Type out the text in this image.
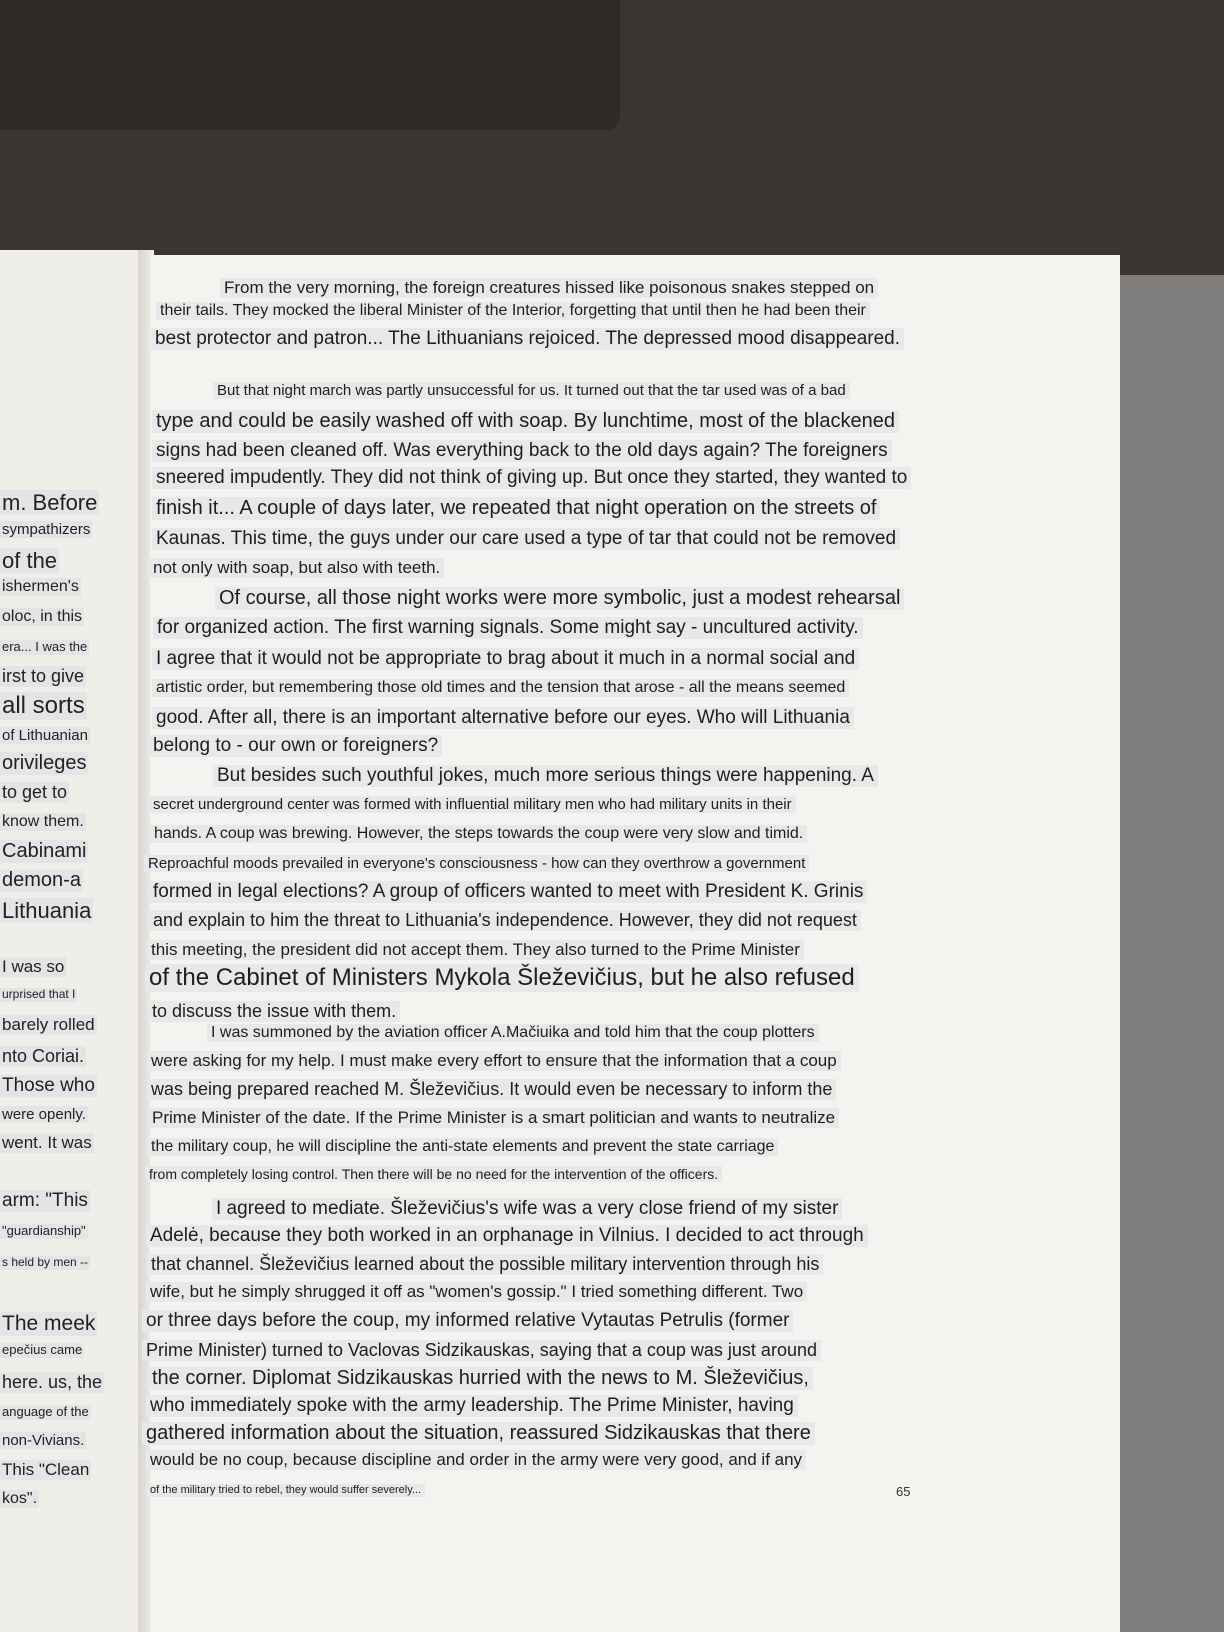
m. Before
sympathizers
of the
ishermen's
oloc, in this
era... I was the
irst to give
all sorts
of Lithuanian
orivileges
to get to
know them.
Cabinami
demon-a
Lithuania
I was so
urprised that I
barely rolled
nto Coriai.
Those who
were openly.
went. It was
arm: "This
"guardianship"
s held by men --
The meek
epečius came
here. us, the
anguage of the
non-Vivians.
This "Clean
kos".	65
From the very morning, the foreign creatures hissed like poisonous snakes stepped on
their tails. They mocked the liberal Minister of the Interior, forgetting that until then he had been their
best protector and patron... The Lithuanians rejoiced. The depressed mood disappeared.
But that night march was partly unsuccessful for us. It turned out that the tar used was of a bad
type and could be easily washed off with soap. By lunchtime, most of the blackened
signs had been cleaned off. Was everything back to the old days again? The foreigners
sneered impudently. They did not think of giving up. But once they started, they wanted to
finish it... A couple of days later, we repeated that night operation on the streets of
Kaunas. This time, the guys under our care used a type of tar that could not be removed
not only with soap, but also with teeth.
Of course, all those night works were more symbolic, just a modest rehearsal
for organized action. The first warning signals. Some might say - uncultured activity.
I agree that it would not be appropriate to brag about it much in a normal social and
artistic order, but remembering those old times and the tension that arose - all the means seemed
good. After all, there is an important alternative before our eyes. Who will Lithuania
belong to - our own or foreigners?
But besides such youthful jokes, much more serious things were happening. A
secret underground center was formed with influential military men who had military units in their
hands. A coup was brewing. However, the steps towards the coup were very slow and timid.
Reproachful moods prevailed in everyone's consciousness - how can they overthrow a government
formed in legal elections? A group of officers wanted to meet with President K. Grinis
and explain to him the threat to Lithuania's independence. However, they did not request
this meeting, the president did not accept them. They also turned to the Prime Minister
of the Cabinet of Ministers Mykola Šleževičius, but he also refused
to discuss the issue with them.
I was summoned by the aviation officer A.Mačiuika and told him that the coup plotters
were asking for my help. I must make every effort to ensure that the information that a coup
was being prepared reached M. Šleževičius. It would even be necessary to inform the
Prime Minister of the date. If the Prime Minister is a smart politician and wants to neutralize
the military coup, he will discipline the anti-state elements and prevent the state carriage
from completely losing control. Then there will be no need for the intervention of the officers.
I agreed to mediate. Šleževičius's wife was a very close friend of my sister
Adelė, because they both worked in an orphanage in Vilnius. I decided to act through
that channel. Šleževičius learned about the possible military intervention through his
wife, but he simply shrugged it off as "women's gossip." I tried something different. Two
or three days before the coup, my informed relative Vytautas Petrulis (former
Prime Minister) turned to Vaclovas Sidzikauskas, saying that a coup was just around
the corner. Diplomat Sidzikauskas hurried with the news to M. Šleževičius,
who immediately spoke with the army leadership. The Prime Minister, having
gathered information about the situation, reassured Sidzikauskas that there
would be no coup, because discipline and order in the army were very good, and if any
of the military tried to rebel, they would suffer severely...
